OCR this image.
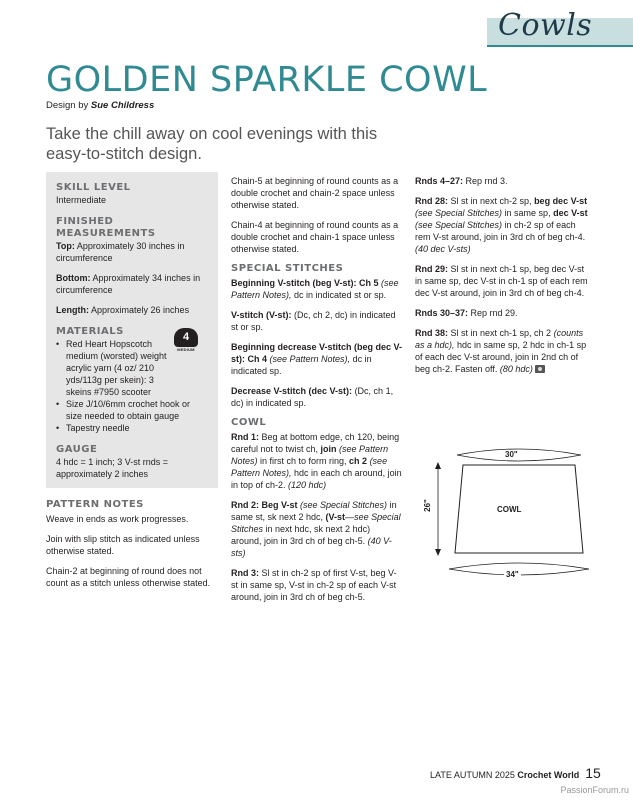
Cowls
GOLDEN SPARKLE COWL
Design by Sue Childress
Take the chill away on cool evenings with this easy-to-stitch design.
SKILL LEVEL
Intermediate
FINISHED MEASUREMENTS
Top: Approximately 30 inches in circumference
Bottom: Approximately 34 inches in circumference
Length: Approximately 26 inches
MATERIALS
• Red Heart Hopscotch medium (worsted) weight acrylic yarn (4 oz/ 210 yds/113g per skein): 3 skeins #7950 scooter
• Size J/10/6mm crochet hook or size needed to obtain gauge
• Tapestry needle
4
MEDIUM
GAUGE
4 hdc = 1 inch; 3 V-st rnds = approximately 2 inches
PATTERN NOTES

Weave in ends as work progresses.

Join with slip stitch as indicated unless otherwise stated.

Chain-2 at beginning of round does not count as a stitch unless otherwise stated.

Chain-5 at beginning of round counts as a double crochet and chain-2 space unless otherwise stated.

Chain-4 at beginning of round counts as a double crochet and chain-1 space unless otherwise stated.

SPECIAL STITCHES

Beginning V-stitch (beg V-st): Ch 5 (see Pattern Notes), dc in indicated st or sp.

V-stitch (V-st): (Dc, ch 2, dc) in indicated st or sp.

Beginning decrease V-stitch (beg dec V-st): Ch 4 (see Pattern Notes), dc in indicated sp.

Decrease V-stitch (dec V-st): (Dc, ch 1, dc) in indicated sp.

COWL

Rnd 1: Beg at bottom edge, ch 120, being careful not to twist ch, join (see Pattern Notes) in first ch to form ring, ch 2 (see Pattern Notes), hdc in each ch around, join in top of ch-2. (120 hdc)

Rnd 2: Beg V-st (see Special Stitches) in same st, sk next 2 hdc, (V-st—see Special Stitches in next hdc, sk next 2 hdc) around, join in 3rd ch of beg ch-5. (40 V-sts)

Rnd 3: Sl st in ch-2 sp of first V-st, beg V-st in same sp, V-st in ch-2 sp of each V-st around, join in 3rd ch of beg ch-5.

Rnds 4–27: Rep rnd 3.

Rnd 28: Sl st in next ch-2 sp, beg dec V-st (see Special Stitches) in same sp, dec V-st (see Special Stitches) in ch-2 sp of each rem V-st around, join in 3rd ch of beg ch-4. (40 dec V-sts)

Rnd 29: Sl st in next ch-1 sp, beg dec V-st in same sp, dec V-st in ch-1 sp of each rem dec V-st around, join in 3rd ch of beg ch-4.

Rnds 30–37: Rep rnd 29.

Rnd 38: Sl st in next ch-1 sp, ch 2 (counts as a hdc), hdc in same sp, 2 hdc in ch-1 sp of each dec V-st around, join in 2nd ch of beg ch-2. Fasten off. (80 hdc)

30"
26"	COWL
34"
LATE AUTUMN 2025 Crochet World 15
PassionForum.ru
